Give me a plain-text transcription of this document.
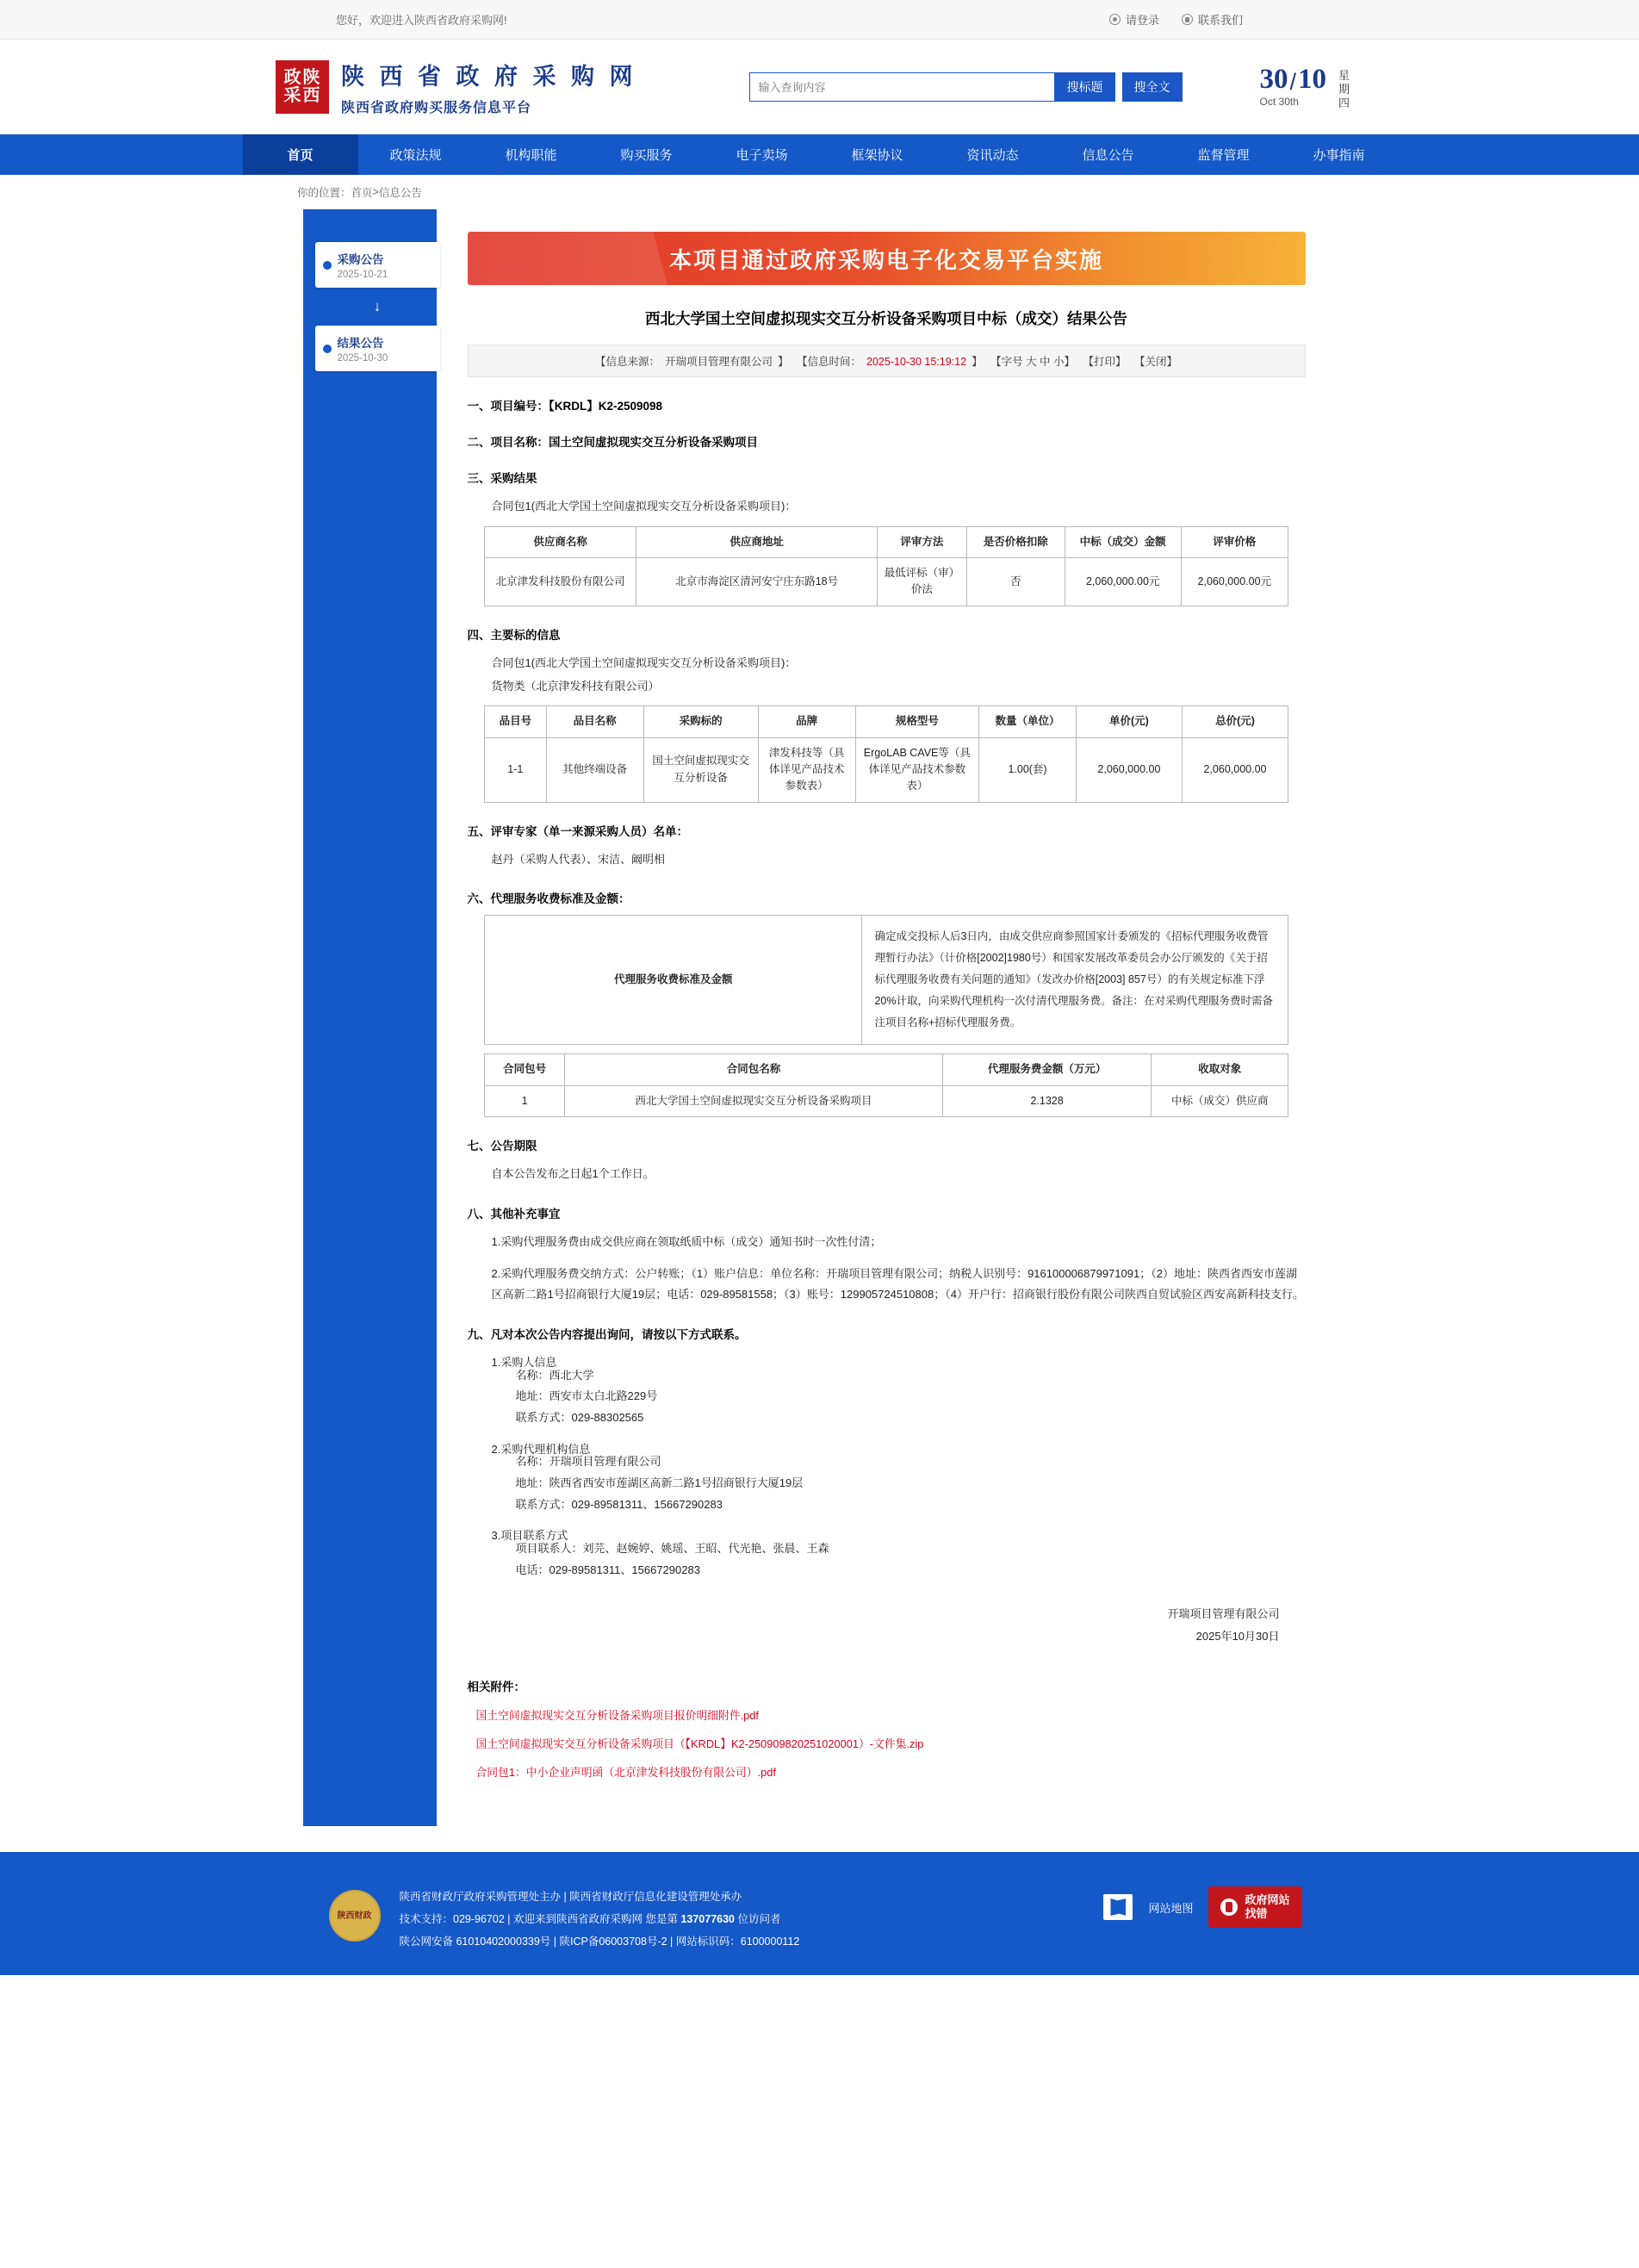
您好，欢迎进入陕西省政府采购网!	请登录	联系我们
政 陕
采 西
陕 西 省 政 府 采 购 网
陕西省政府购买服务信息平台
输入查询内容
搜标题	搜全文	30 / 10
Oct 30th
星
期
四
首页	政策法规	机构职能	购买服务	电子卖场	框架协议	资讯动态	信息公告	监督管理	办事指南
你的位置： 首页 > 信息公告
采购公告
2025-10-21
↓
结果公告
2025-10-30
本项目通过政府采购电子化交易平台实施
西北大学国土空间虚拟现实交互分析设备采购项目中标（成交）结果公告
【信息来源： 开瑞项目管理有限公司 】 【信息时间： 2025-10-30 15:19:12 】 【字号 大 中 小】 【打印】 【关闭】
一、项目编号：【KRDL】K2-2509098
二、项目名称：国土空间虚拟现实交互分析设备采购项目
三、采购结果
合同包1(西北大学国土空间虚拟现实交互分析设备采购项目)：
供应商名称	供应商地址	评审方法	是否价格扣除	中标（成交）金额	评审价格
北京津发科技股份有限公司	北京市海淀区清河安宁庄东路18号	最低评标（审）价法	否	2,060,000.00元	2,060,000.00元
四、主要标的信息
合同包1(西北大学国土空间虚拟现实交互分析设备采购项目)：
货物类（北京津发科技有限公司）
品目号	品目名称	采购标的	品牌	规格型号	数量（单位）	单价(元)	总价(元)
1-1	其他终端设备	国土空间虚拟现实交互分析设备	津发科技等（具体详见产品技术参数表）	ErgoLAB CAVE等（具体详见产品技术参数表）	1.00(套)	2,060,000.00	2,060,000.00
五、评审专家（单一来源采购人员）名单：
赵丹（采购人代表）、宋洁、阚明相
六、代理服务收费标准及金额：
代理服务收费标准及金额	确定成交投标人后3日内，由成交供应商参照国家计委颁发的《招标代理服务收费管理暂行办法》（计价格[2002]1980号）和国家发展改革委员会办公厅颁发的《关于招标代理服务收费有关问题的通知》（发改办价格[2003] 857号）的有关规定标准下浮20%计取，向采购代理机构一次付清代理服务费。备注：在对采购代理服务费时需备注项目名称+招标代理服务费。
合同包号	合同包名称	代理服务费金额（万元）	收取对象
1	西北大学国土空间虚拟现实交互分析设备采购项目	2.1328	中标（成交）供应商
七、公告期限
自本公告发布之日起1个工作日。
八、其他补充事宜
1.采购代理服务费由成交供应商在领取纸质中标（成交）通知书时一次性付清；
2.采购代理服务费交纳方式：公户转账；（1）账户信息：单位名称：开瑞项目管理有限公司；纳税人识别号：916100006879971091；（2）地址：陕西省西安市莲湖区高新二路1号招商银行大厦19层；电话：029-89581558；（3）账号：129905724510808；（4）开户行：招商银行股份有限公司陕西自贸试验区西安高新科技支行。
九、凡对本次公告内容提出询问，请按以下方式联系。
1.采购人信息
名称：西北大学
地址：西安市太白北路229号
联系方式：029-88302565
2.采购代理机构信息
名称：开瑞项目管理有限公司
地址：陕西省西安市莲湖区高新二路1号招商银行大厦19层
联系方式：029-89581311、15667290283
3.项目联系方式
项目联系人：刘芫、赵婉婷、姚瑶、王昭、代光艳、张晨、王森
电话：029-89581311、15667290283
开瑞项目管理有限公司
2025年10月30日
相关附件：
国土空间虚拟现实交互分析设备采购项目报价明细附件.pdf
国土空间虚拟现实交互分析设备采购项目（【KRDL】K2-250909820251020001）-文件集.zip
合同包1：中小企业声明函（北京津发科技股份有限公司）.pdf
陕西财政
陕西省财政厅政府采购管理处主办 | 陕西省财政厅信息化建设管理处承办
技术支持：029-96702 | 欢迎来到陕西省政府采购网 您是第 137077630 位访问者
陕公网安备 61010402000339号 | 陕ICP备06003708号-2 | 网站标识码：6100000112
网站地图
政府网站
找错
